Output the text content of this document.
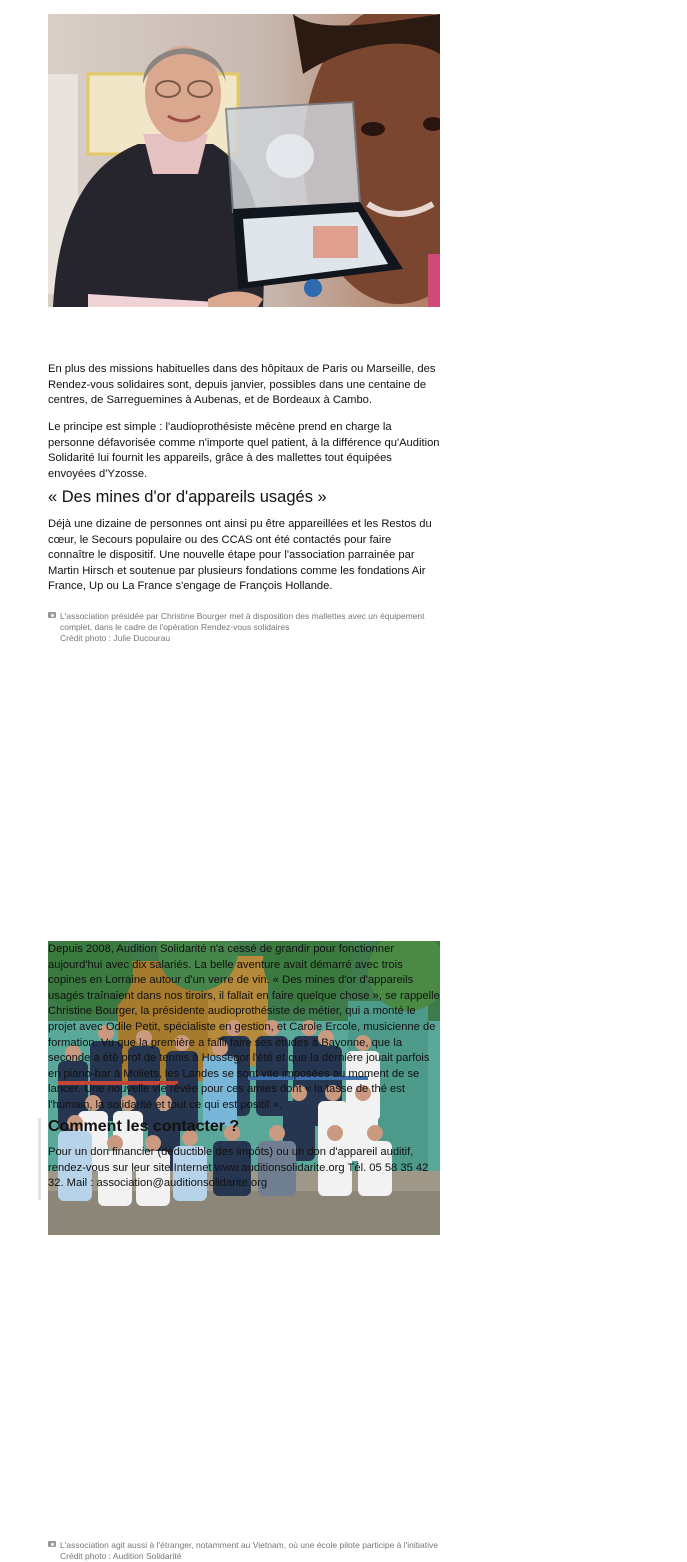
L'association présidée par Christine Bourger met à disposition des mallettes avec un équipement complet, dans le cadre de l'opération Rendez-vous solidaires
Crédit photo : Julie Ducourau

En plus des missions habituelles dans des hôpitaux de Paris ou Marseille, des Rendez-vous solidaires sont, depuis janvier, possibles dans une centaine de centres, de Sarreguemines à Aubenas, et de Bordeaux à Cambo.

Le principe est simple : l'audioprothésiste mécène prend en charge la personne défavorisée comme n'importe quel patient, à la différence qu'Audition Solidarité lui fournit les appareils, grâce à des mallettes tout équipées envoyées d'Yzosse.

« Des mines d'or d'appareils usagés »

Déjà une dizaine de personnes ont ainsi pu être appareillées et les Restos du cœur, le Secours populaire ou des CCAS ont été contactés pour faire connaître le dispositif. Une nouvelle étape pour l'association parrainée par Martin Hirsch et soutenue par plusieurs fondations comme les fondations Air France, Up ou La France s'engage de François Hollande.

L'association agit aussi à l'étranger, notamment au Vietnam, où une école pilote participe à l'initiative
Crédit photo : Audition Solidarité

Depuis 2008, Audition Solidarité n'a cessé de grandir pour fonctionner aujourd'hui avec dix salariés. La belle aventure avait démarré avec trois copines en Lorraine autour d'un verre de vin. « Des mines d'or d'appareils usagés traînaient dans nos tiroirs, il fallait en faire quelque chose », se rappelle Christine Bourger, la présidente audioprothésiste de métier, qui a monté le projet avec Odile Petit, spécialiste en gestion, et Carole Ercole, musicienne de formation. Vu que la première a failli faire ses études à Bayonne, que la seconde a été prof de tennis à Hossegor l'été et que la dernière jouait parfois en piano-bar à Moliets, les Landes se sont vite imposées au moment de se lancer. Une nouvelle vie rêvée pour ces amies dont « la tasse de thé est l'humain, la solidarité et tout ce qui est positif ».

Comment les contacter ?

Pour un don financier (déductible des impôts) ou un don d'appareil auditif, rendez-vous sur leur site Internet www.auditionsolidarite.org Tél. 05 58 35 42 32. Mail : association@auditionsolidarite.org
